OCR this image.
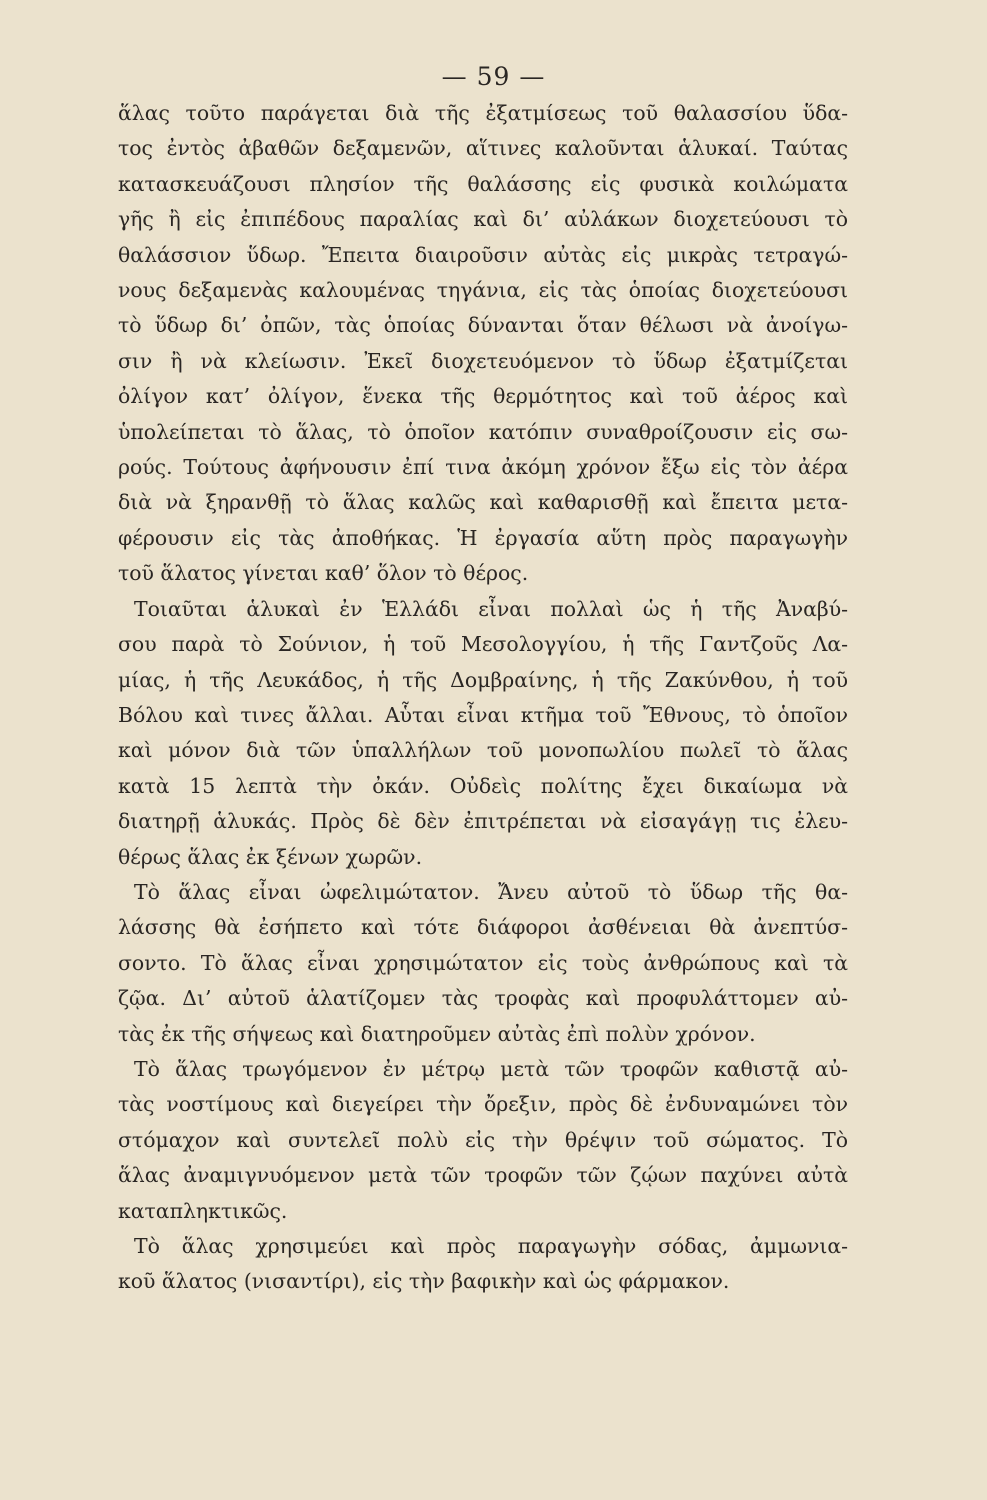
— 59 —
ἅλας τοῦτο παράγεται διὰ τῆς ἐξατμίσεως τοῦ θαλασσίου ὕδα-
τος ἐντὸς ἀβαθῶν δεξαμενῶν, αἵτινες καλοῦνται ἁλυκαί. Ταύτας
κατασκευάζουσι πλησίον τῆς θαλάσσης εἰς φυσικὰ κοιλώματα
γῆς ἢ εἰς ἐπιπέδους παραλίας καὶ δι’ αὐλάκων διοχετεύουσι τὸ
θαλάσσιον ὕδωρ. Ἔπειτα διαιροῦσιν αὐτὰς εἰς μικρὰς τετραγώ-
νους δεξαμενὰς καλουμένας τηγάνια, εἰς τὰς ὁποίας διοχετεύουσι
τὸ ὕδωρ δι’ ὀπῶν, τὰς ὁποίας δύνανται ὅταν θέλωσι νὰ ἀνοίγω-
σιν ἢ νὰ κλείωσιν. Ἐκεῖ διοχετευόμενον τὸ ὕδωρ ἐξατμίζεται
ὀλίγον κατ’ ὀλίγον, ἕνεκα τῆς θερμότητος καὶ τοῦ ἀέρος καὶ
ὑπολείπεται τὸ ἅλας, τὸ ὁποῖον κατόπιν συναθροίζουσιν εἰς σω-
ρούς. Τούτους ἀφήνουσιν ἐπί τινα ἀκόμη χρόνον ἔξω εἰς τὸν ἀέρα
διὰ νὰ ξηρανθῇ τὸ ἅλας καλῶς καὶ καθαρισθῇ καὶ ἔπειτα μετα-
φέρουσιν εἰς τὰς ἀποθήκας. Ἡ ἐργασία αὕτη πρὸς παραγωγὴν
τοῦ ἅλατος γίνεται καθ’ ὅλον τὸ θέρος.
Τοιαῦται ἁλυκαὶ ἐν Ἑλλάδι εἶναι πολλαὶ ὡς ἡ τῆς Ἀναβύ-
σου παρὰ τὸ Σούνιον, ἡ τοῦ Μεσολογγίου, ἡ τῆς Γαντζοῦς Λα-
μίας, ἡ τῆς Λευκάδος, ἡ τῆς Δομβραίνης, ἡ τῆς Ζακύνθου, ἡ τοῦ
Βόλου καὶ τινες ἄλλαι. Αὗται εἶναι κτῆμα τοῦ Ἔθνους, τὸ ὁποῖον
καὶ μόνον διὰ τῶν ὑπαλλήλων τοῦ μονοπωλίου πωλεῖ τὸ ἅλας
κατὰ 15 λεπτὰ τὴν ὀκάν. Οὐδεὶς πολίτης ἔχει δικαίωμα νὰ
διατηρῇ ἁλυκάς. Πρὸς δὲ δὲν ἐπιτρέπεται νὰ εἰσαγάγῃ τις ἐλευ-
θέρως ἅλας ἐκ ξένων χωρῶν.
Τὸ ἅλας εἶναι ὠφελιμώτατον. Ἄνευ αὐτοῦ τὸ ὕδωρ τῆς θα-
λάσσης θὰ ἐσήπετο καὶ τότε διάφοροι ἀσθένειαι θὰ ἀνεπτύσ-
σοντο. Τὸ ἅλας εἶναι χρησιμώτατον εἰς τοὺς ἀνθρώπους καὶ τὰ
ζῷα. Δι’ αὐτοῦ ἁλατίζομεν τὰς τροφὰς καὶ προφυλάττομεν αὐ-
τὰς ἐκ τῆς σήψεως καὶ διατηροῦμεν αὐτὰς ἐπὶ πολὺν χρόνον.
Τὸ ἅλας τρωγόμενον ἐν μέτρῳ μετὰ τῶν τροφῶν καθιστᾷ αὐ-
τὰς νοστίμους καὶ διεγείρει τὴν ὄρεξιν, πρὸς δὲ ἐνδυναμώνει τὸν
στόμαχον καὶ συντελεῖ πολὺ εἰς τὴν θρέψιν τοῦ σώματος. Τὸ
ἅλας ἀναμιγνυόμενον μετὰ τῶν τροφῶν τῶν ζῴων παχύνει αὐτὰ
καταπληκτικῶς.
Τὸ ἅλας χρησιμεύει καὶ πρὸς παραγωγὴν σόδας, ἀμμωνια-
κοῦ ἅλατος (νισαντίρι), εἰς τὴν βαφικὴν καὶ ὡς φάρμακον.
